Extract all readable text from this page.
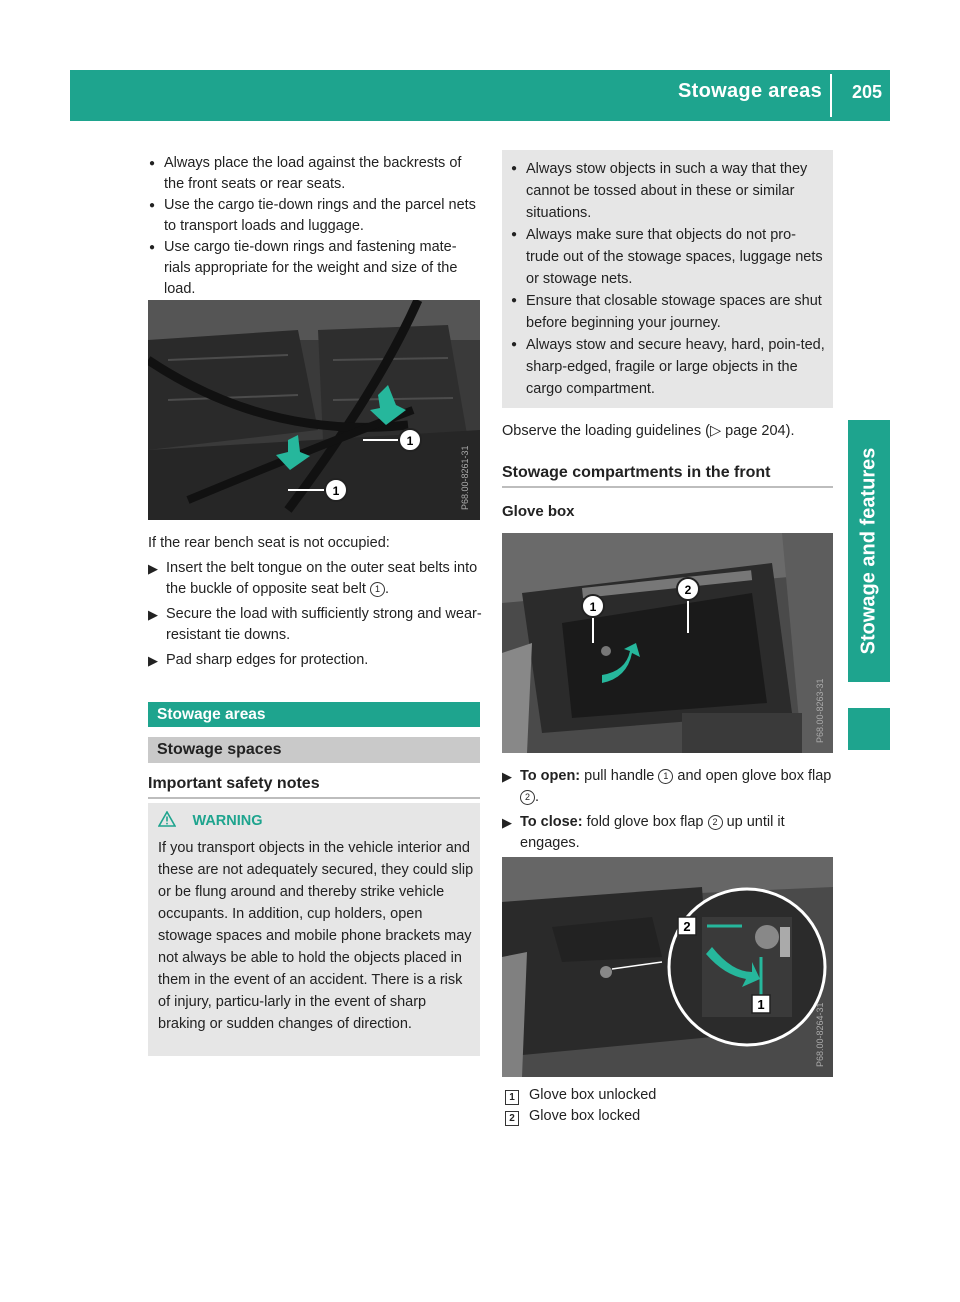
Stowage areas 205
Stowage and features
● Always place the load against the backrests of the front seats or rear seats.
● Use the cargo tie-down rings and the parcel nets to transport loads and luggage.
● Use cargo tie-down rings and fastening mate-rials appropriate for the weight and size of the load.
1
1	P68.00-8261-31
If the rear bench seat is not occupied:
▶ Insert the belt tongue on the outer seat belts into the buckle of opposite seat belt 1 .
▶ Secure the load with sufficiently strong and wear-resistant tie downs.
▶ Pad sharp edges for protection.
Stowage areas
Stowage spaces
Important safety notes
WARNING
If you transport objects in the vehicle interior and these are not adequately secured, they could slip or be flung around and thereby strike vehicle occupants. In addition, cup holders, open stowage spaces and mobile phone brackets may not always be able to hold the objects placed in them in the event of an accident. There is a risk of injury, particu-larly in the event of sharp braking or sudden changes of direction.
● Always stow objects in such a way that they cannot be tossed about in these or similar situations.
● Always make sure that objects do not pro-trude out of the stowage spaces, luggage nets or stowage nets.
● Ensure that closable stowage spaces are shut before beginning your journey.
● Always stow and secure heavy, hard, poin-ted, sharp-edged, fragile or large objects in the cargo compartment.
Observe the loading guidelines (▷ page 204).
Stowage compartments in the front
Glove box
1
2
P68.00-8263-31
▶ To open: pull handle 1 and open glove box flap 2 .
▶ To close: fold glove box flap 2 up until it engages.
2
1	P68.00-8264-31
1 Glove box unlocked
2 Glove box locked
